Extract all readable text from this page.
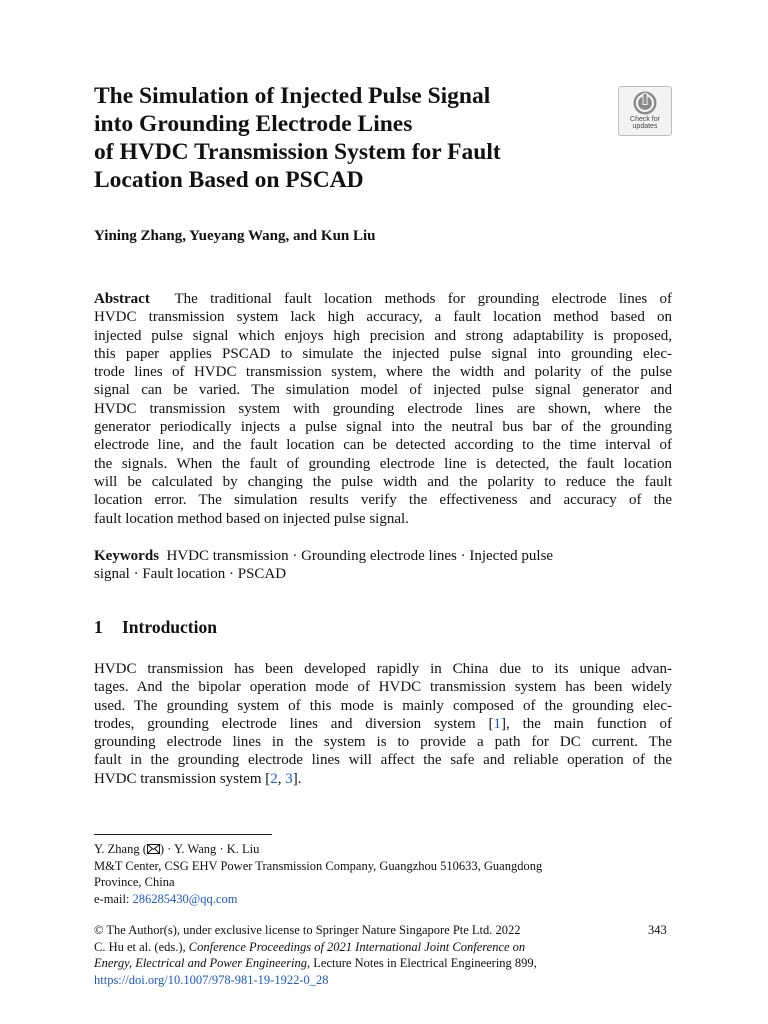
The Simulation of Injected Pulse Signal
into Grounding Electrode Lines
of HVDC Transmission System for Fault
Location Based on PSCAD
Check for
updates
Yining Zhang, Yueyang Wang, and Kun Liu
Abstract The traditional fault location methods for grounding electrode lines of
HVDC transmission system lack high accuracy, a fault location method based on
injected pulse signal which enjoys high precision and strong adaptability is proposed,
this paper applies PSCAD to simulate the injected pulse signal into grounding elec-
trode lines of HVDC transmission system, where the width and polarity of the pulse
signal can be varied. The simulation model of injected pulse signal generator and
HVDC transmission system with grounding electrode lines are shown, where the
generator periodically injects a pulse signal into the neutral bus bar of the grounding
electrode line, and the fault location can be detected according to the time interval of
the signals. When the fault of grounding electrode line is detected, the fault location
will be calculated by changing the pulse width and the polarity to reduce the fault
location error. The simulation results verify the effectiveness and accuracy of the
fault location method based on injected pulse signal.
Keywords HVDC transmission · Grounding electrode lines · Injected pulse
signal · Fault location · PSCAD
1 Introduction
HVDC transmission has been developed rapidly in China due to its unique advan-
tages. And the bipolar operation mode of HVDC transmission system has been widely
used. The grounding system of this mode is mainly composed of the grounding elec-
trodes, grounding electrode lines and diversion system [1], the main function of
grounding electrode lines in the system is to provide a path for DC current. The
fault in the grounding electrode lines will affect the safe and reliable operation of the
HVDC transmission system [2, 3].
Y. Zhang ( ) · Y. Wang · K. Liu
M&T Center, CSG EHV Power Transmission Company, Guangzhou 510633, Guangdong
Province, China
e-mail: 286285430@qq.com
© The Author(s), under exclusive license to Springer Nature Singapore Pte Ltd. 2022
C. Hu et al. (eds.), Conference Proceedings of 2021 International Joint Conference on
Energy, Electrical and Power Engineering, Lecture Notes in Electrical Engineering 899,
https://doi.org/10.1007/978-981-19-1922-0_28
343
